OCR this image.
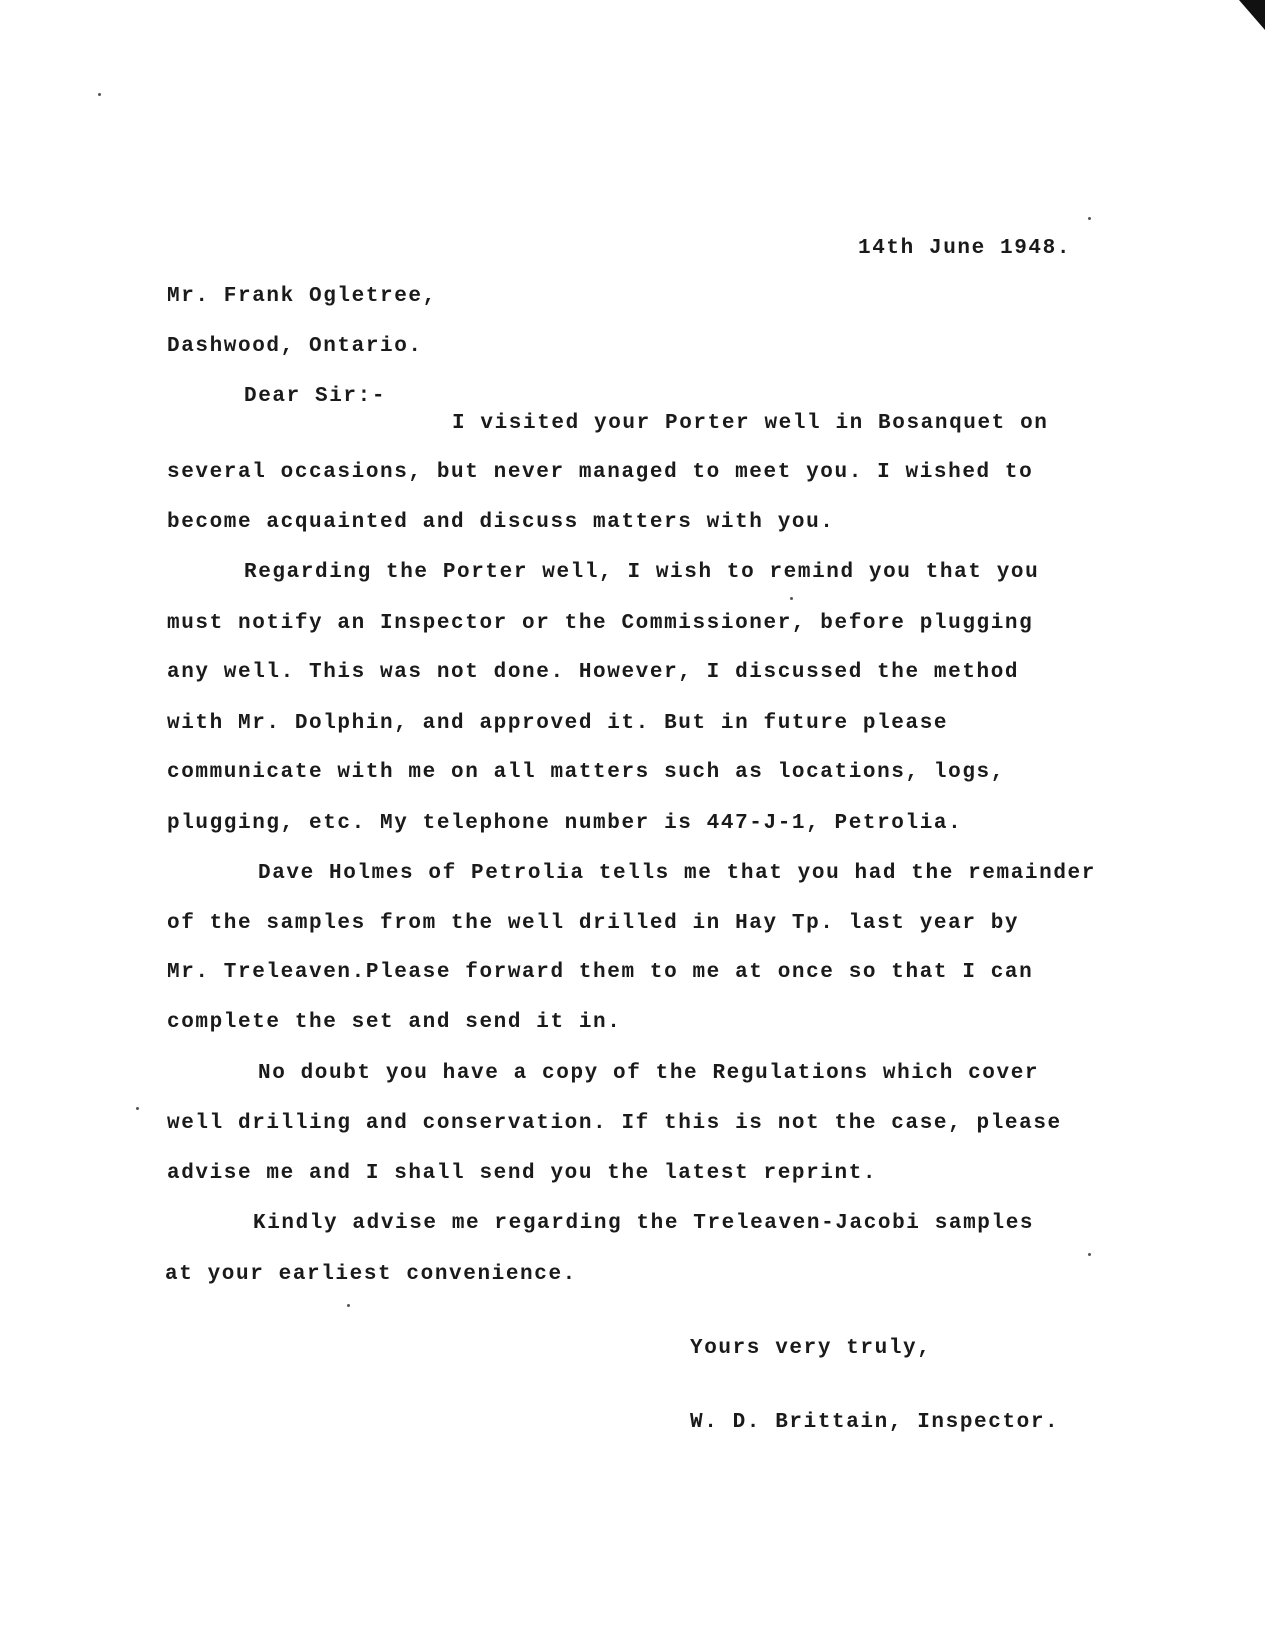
14th June 1948.
Mr. Frank Ogletree,
Dashwood, Ontario.
Dear Sir:-
I visited your Porter well in Bosanquet on
several occasions, but never managed to meet you. I wished to
become acquainted and discuss matters with you.
Regarding the Porter well, I wish to remind you that you
must notify an Inspector or the Commissioner, before plugging
any well. This was not done. However, I discussed the method
with Mr. Dolphin, and approved it. But in future please
communicate with me on all matters such as locations, logs,
plugging, etc. My telephone number is 447-J-1, Petrolia.
Dave Holmes of Petrolia tells me that you had the remainder
of the samples from the well drilled in Hay Tp. last year by
Mr. Treleaven.Please forward them to me at once so that I can
complete the set and send it in.
No doubt you have a copy of the Regulations which cover
well drilling and conservation. If this is not the case, please
advise me and I shall send you the latest reprint.
Kindly advise me regarding the Treleaven-Jacobi samples
at your earliest convenience.
Yours very truly,
W. D. Brittain, Inspector.
